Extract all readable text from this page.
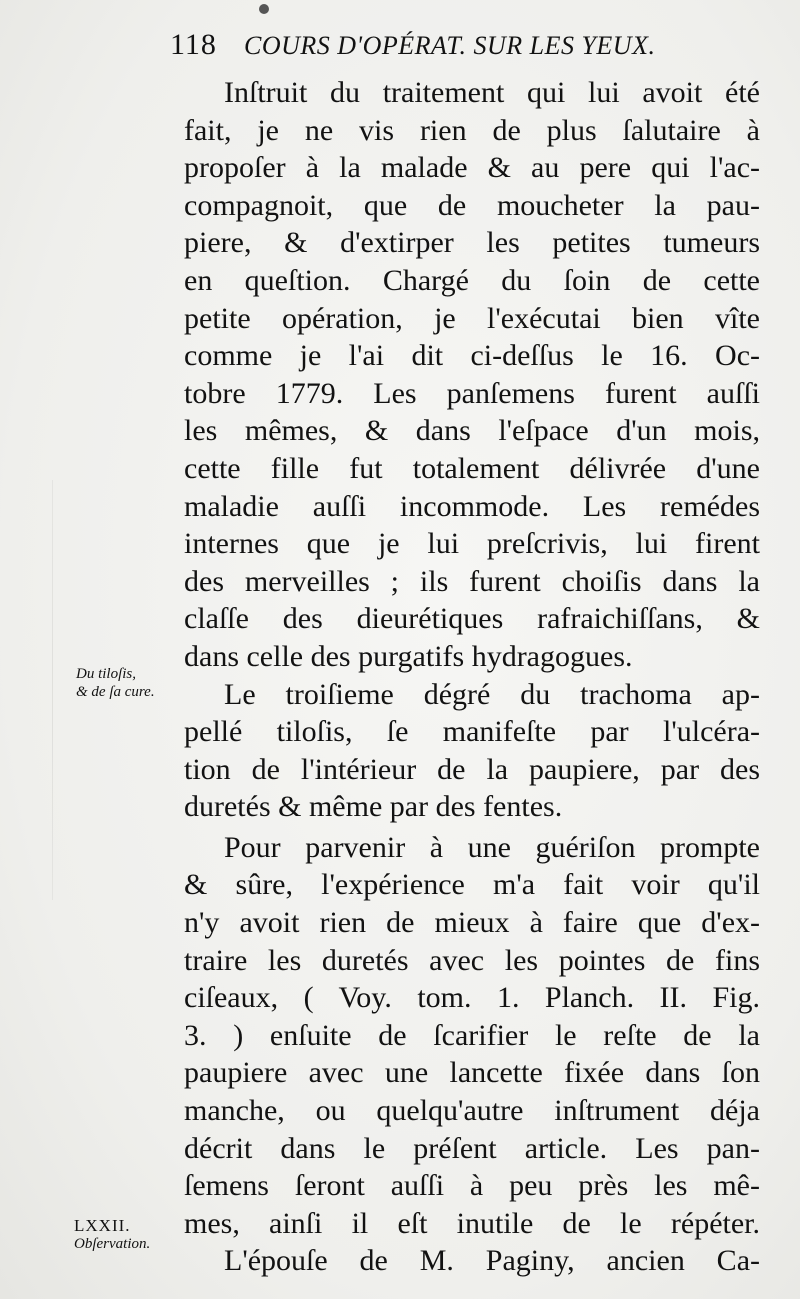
118 COURS D'OPÉRAT. SUR LES YEUX.
Inſtruit du traitement qui lui avoit été
fait, je ne vis rien de plus ſalutaire à
propoſer à la malade & au pere qui l'ac-
compagnoit, que de moucheter la pau-
piere, & d'extirper les petites tumeurs
en queſtion. Chargé du ſoin de cette
petite opération, je l'exécutai bien vîte
comme je l'ai dit ci-deſſus le 16. Oc-
tobre 1779. Les panſemens furent auſſi
les mêmes, & dans l'eſpace d'un mois,
cette fille fut totalement délivrée d'une
maladie auſſi incommode. Les remédes
internes que je lui preſcrivis, lui firent
des merveilles ; ils furent choiſis dans la
claſſe des dieurétiques rafraichiſſans, &
dans celle des purgatifs hydragogues.
Le troiſieme dégré du trachoma ap-
pellé tiloſis, ſe manifeſte par l'ulcéra-
tion de l'intérieur de la paupiere, par des
duretés & même par des fentes.
Pour parvenir à une guériſon prompte
& sûre, l'expérience m'a fait voir qu'il
n'y avoit rien de mieux à faire que d'ex-
traire les duretés avec les pointes de fins
ciſeaux, ( Voy. tom. 1. Planch. II. Fig.
3. ) enſuite de ſcarifier le reſte de la
paupiere avec une lancette fixée dans ſon
manche, ou quelqu'autre inſtrument déja
décrit dans le préſent article. Les pan-
ſemens ſeront auſſi à peu près les mê-
mes, ainſi il eſt inutile de le répéter.
L'épouſe de M. Paginy, ancien Ca-
Du tiloſis,
& de ſa cure.
LXXII.
Obſervation.
